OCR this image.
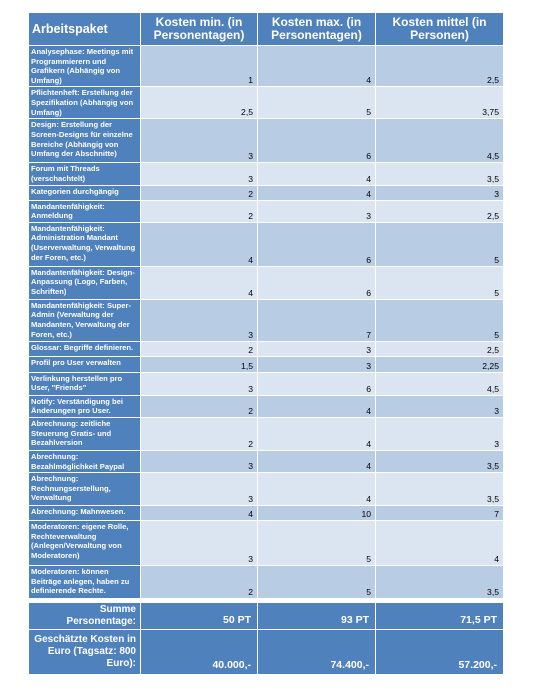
Arbeitspaket	Kosten min. (in Personentagen)	Kosten max. (in Personentagen)	Kosten mittel (in Personen)
Analysephase: Meetings mit Programmierern und Grafikern (Abhängig von Umfang)	1	4	2,5
Pflichtenheft: Erstellung der Spezifikation (Abhängig von Umfang)	2,5	5	3,75
Design: Erstellung der Screen-Designs für einzelne Bereiche (Abhängig von Umfang der Abschnitte)	3	6	4,5
Forum mit Threads (verschachtelt)	3	4	3,5
Kategorien durchgängig	2	4	3
Mandantenfähigkeit: Anmeldung	2	3	2,5
Mandantenfähigkeit: Administration Mandant (Userverwaltung, Verwaltung der Foren, etc.)	4	6	5
Mandantenfähigkeit: Design-Anpassung (Logo, Farben, Schriften)	4	6	5
Mandantenfähigkeit: Super-Admin (Verwaltung der Mandanten, Verwaltung der Foren, etc.)	3	7	5
Glossar: Begriffe definieren.	2	3	2,5
Profil pro User verwalten	1,5	3	2,25
Verlinkung herstellen pro User, "Friends"	3	6	4,5
Notify: Verständigung bei Änderungen pro User.	2	4	3
Abrechnung: zeitliche Steuerung Gratis- und Bezahlversion	2	4	3
Abrechnung: Bezahlmöglichkeit Paypal	3	4	3,5
Abrechnung: Rechnungserstellung, Verwaltung	3	4	3,5
Abrechnung: Mahnwesen.	4	10	7
Moderatoren: eigene Rolle, Rechteverwaltung (Anlegen/Verwaltung von Moderatoren)	3	5	4
Moderatoren: können Beiträge anlegen, haben zu definierende Rechte.	2	5	3,5

Summe Personentage:	50 PT	93 PT	71,5 PT
Geschätzte Kosten in Euro (Tagsatz: 800 Euro):	40.000,-	74.400,-	57.200,-
